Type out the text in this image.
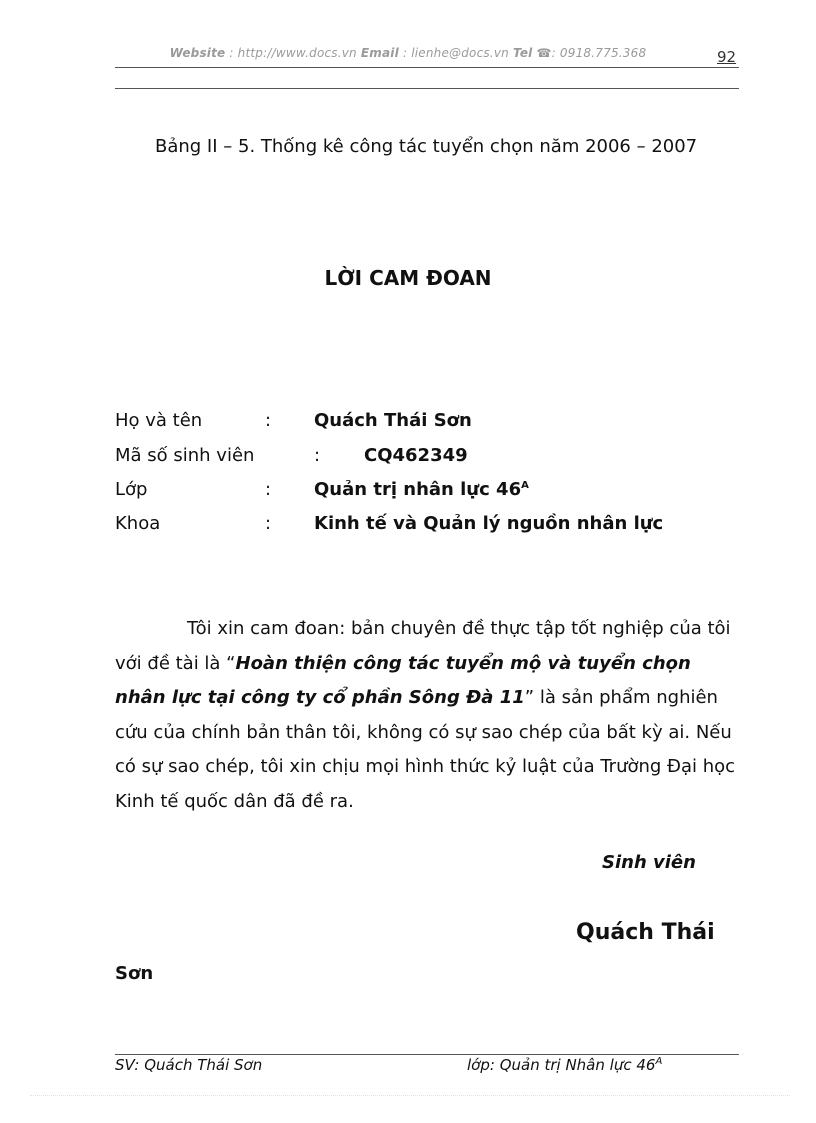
Website : http://www.docs.vn Email : lienhe@docs.vn Tel ☎: 0918.775.368	92
Bảng II – 5. Thống kê công tác tuyển chọn năm 2006 – 2007
LỜI CAM ĐOAN
Họ và tên	: Quách Thái Sơn
Mã số sinh viên	: CQ462349
Lớp	: Quản trị nhân lực $46^A$
Khoa	: Kinh tế và Quản lý nguồn nhân lực
Tôi xin cam đoan: bản chuyên đề thực tập tốt nghiệp của tôi với đề tài là “Hoàn thiện công tác tuyển mộ và tuyển chọn nhân lực tại công ty cổ phần Sông Đà 11” là sản phẩm nghiên cứu của chính bản thân tôi, không có sự sao chép của bất kỳ ai. Nếu có sự sao chép, tôi xin chịu mọi hình thức kỷ luật của Trường Đại học Kinh tế quốc dân đã đề ra.
Sinh viên
Quách Thái
Sơn
SV: Quách Thái Sơn	lớp: Quản trị Nhân lực $46^A$
